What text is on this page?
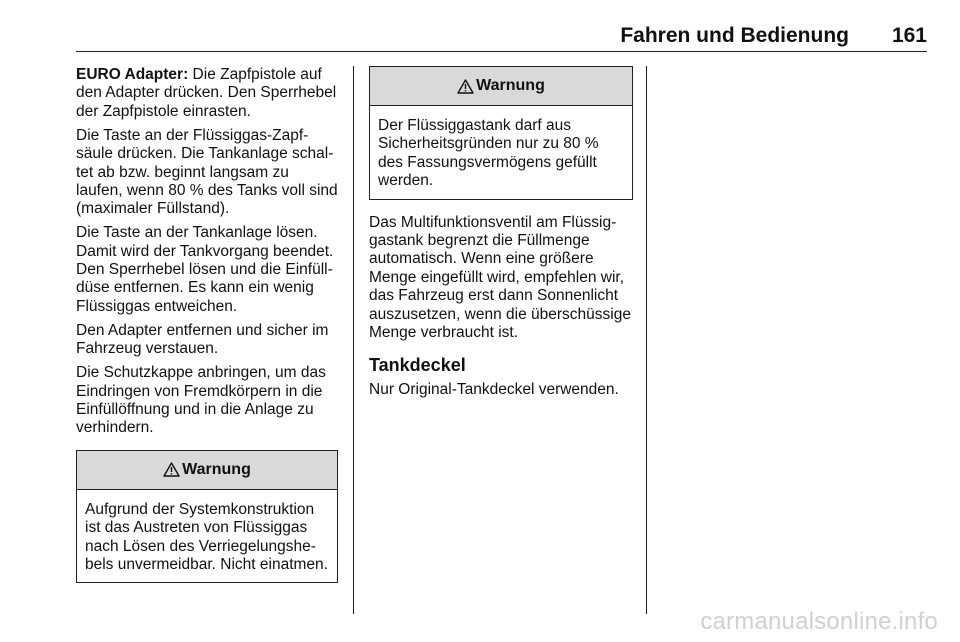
Fahren und Bedienung 161

EURO Adapter: Die Zapfpistole auf den Adapter drücken. Den Sperrhebel der Zapfpistole einrasten.

Die Taste an der Flüssiggas-Zapfsäule drücken. Die Tankanlage schaltet ab bzw. beginnt langsam zu laufen, wenn 80 % des Tanks voll sind (maximaler Füllstand).

Die Taste an der Tankanlage lösen. Damit wird der Tankvorgang beendet. Den Sperrhebel lösen und die Einfülldüse entfernen. Es kann ein wenig Flüssiggas entweichen.

Den Adapter entfernen und sicher im Fahrzeug verstauen.

Die Schutzkappe anbringen, um das Eindringen von Fremdkörpern in die Einfüllöffnung und in die Anlage zu verhindern.

Warnung
Aufgrund der Systemkonstruktion ist das Austreten von Flüssiggas nach Lösen des Verriegelungshebels unvermeidbar. Nicht einatmen.
Warnung
Der Flüssiggastank darf aus Sicherheitsgründen nur zu 80 % des Fassungsvermögens gefüllt werden.

Das Multifunktionsventil am Flüssiggastank begrenzt die Füllmenge automatisch. Wenn eine größere Menge eingefüllt wird, empfehlen wir, das Fahrzeug erst dann Sonnenlicht auszusetzen, wenn die überschüssige Menge verbraucht ist.

Tankdeckel

Nur Original-Tankdeckel verwenden.

carmanualsonline.info
